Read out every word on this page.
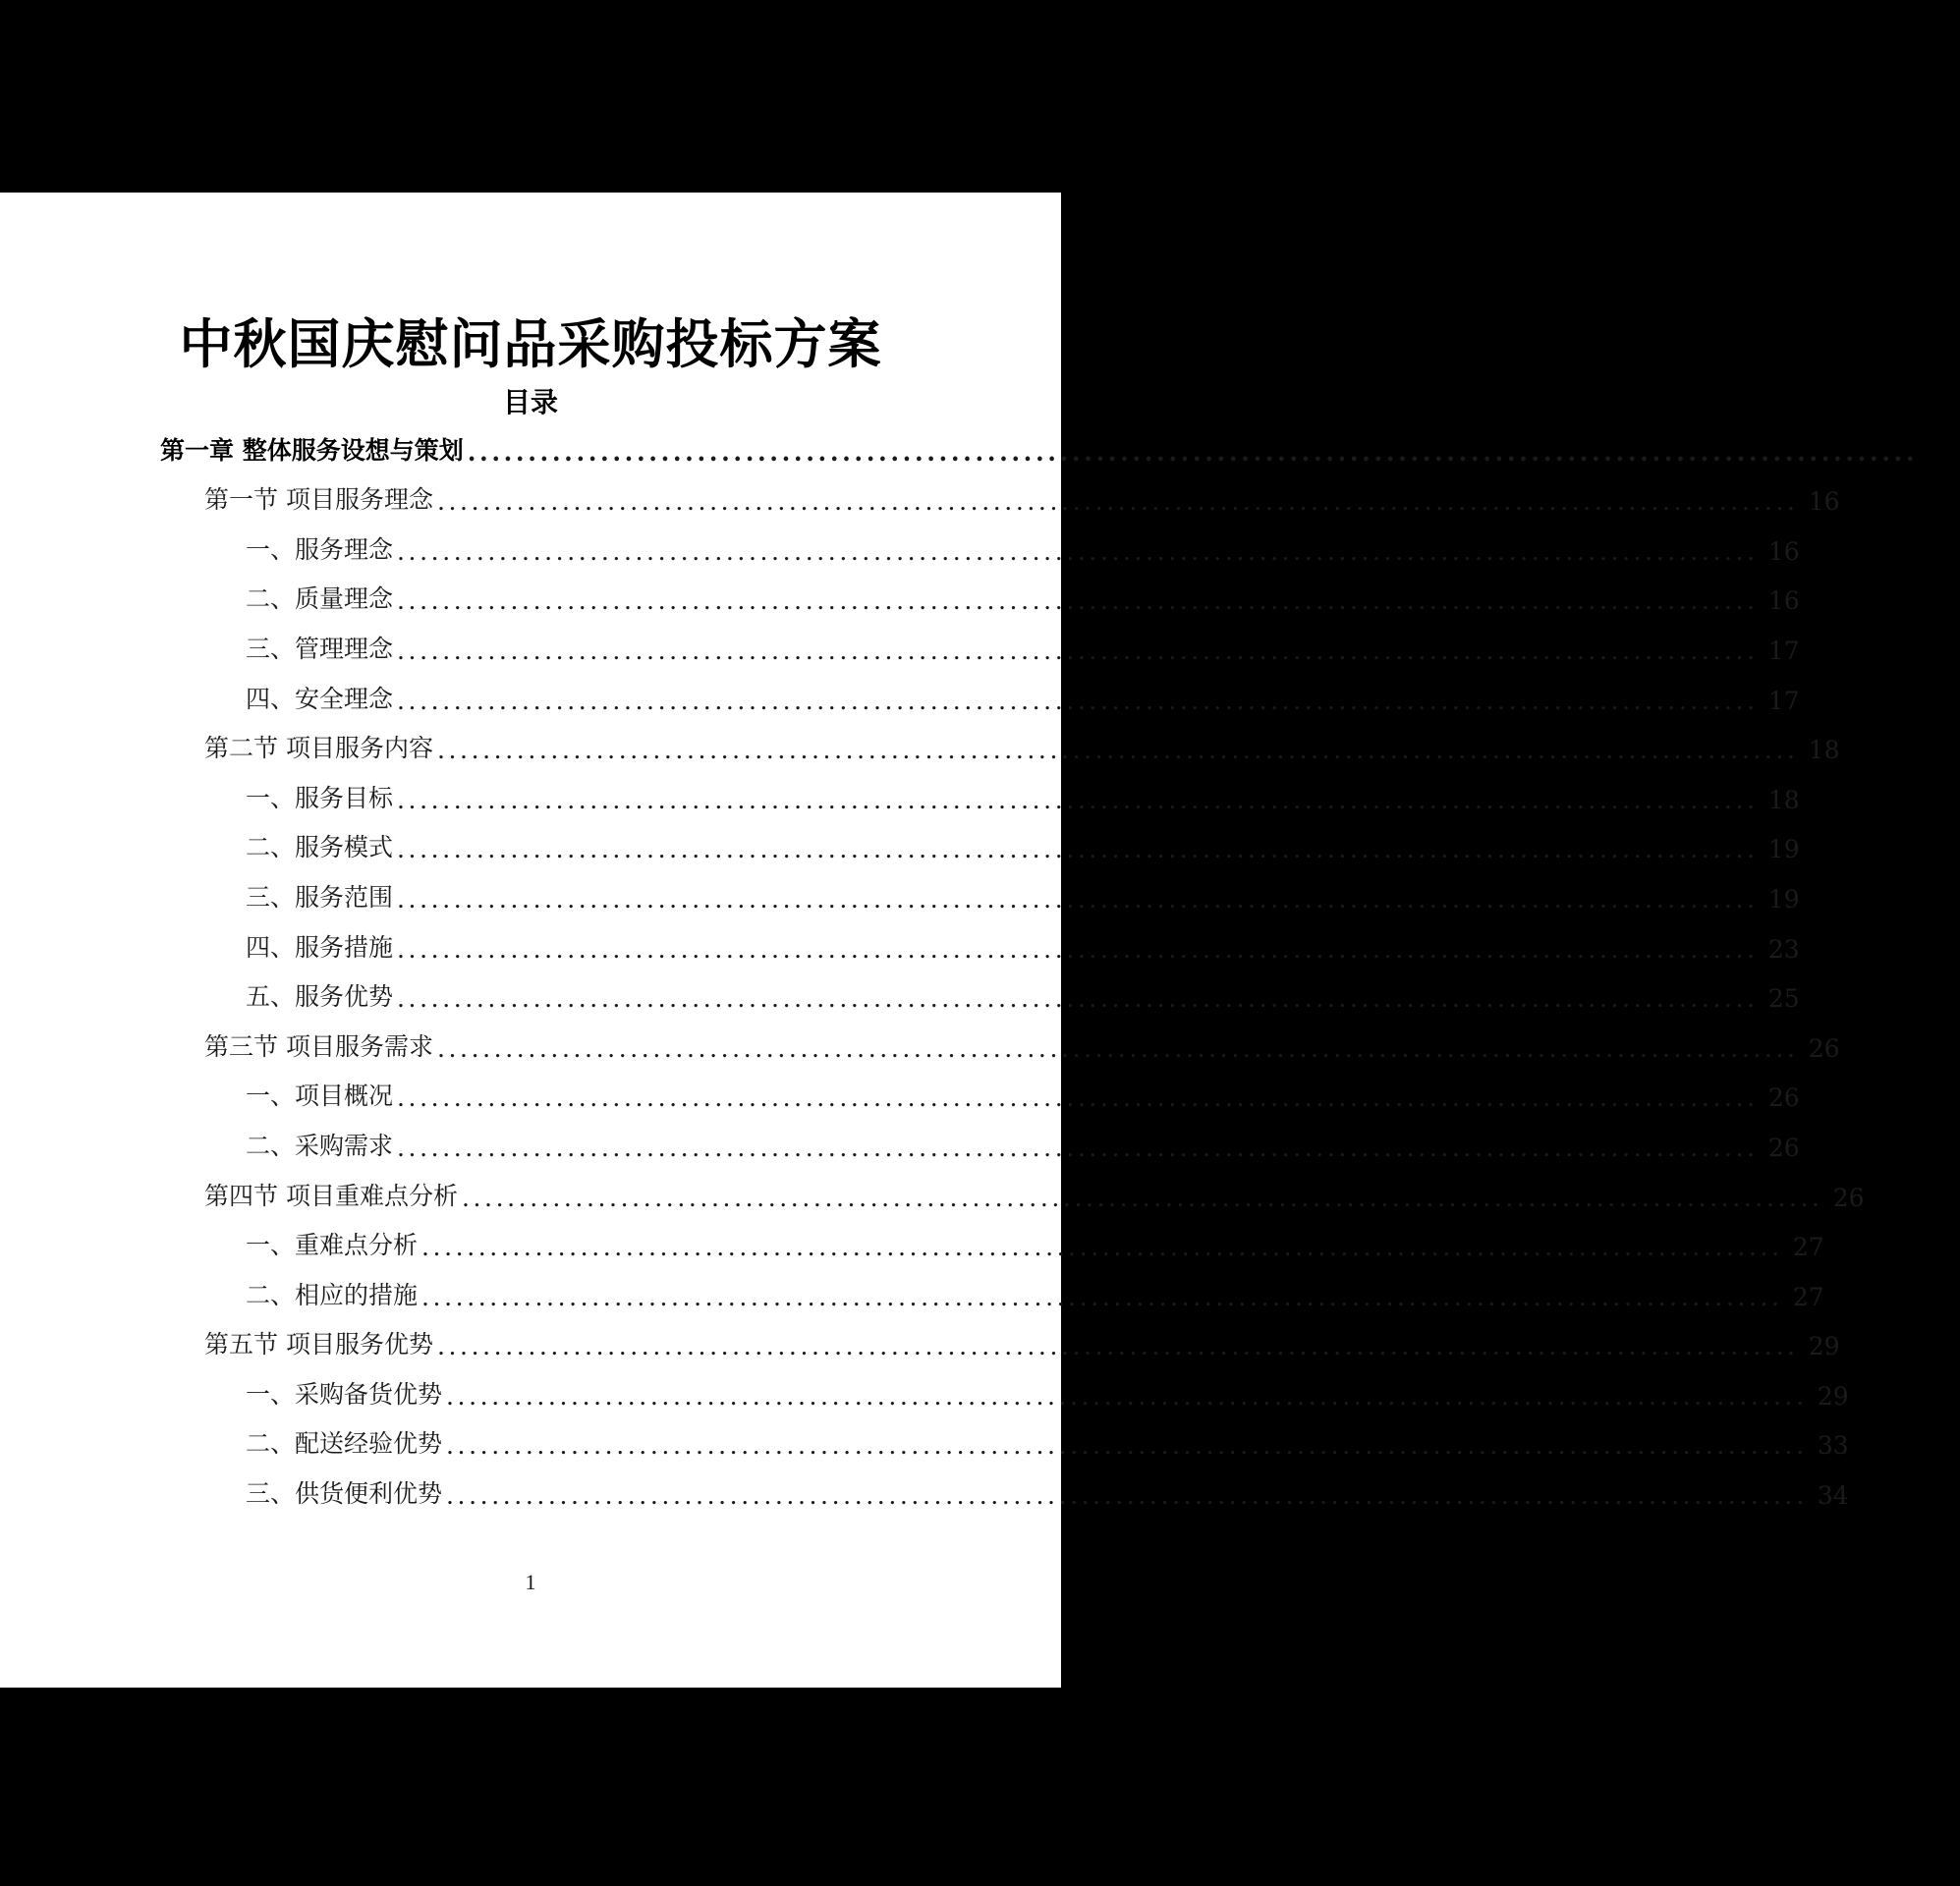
中秋国庆慰问品采购投标方案
目录
第一章 整体服务设想与策划 ........................................................................................................................ 16
第一节 项目服务理念 ........................................................................................................................ 16
一、服务理念 ........................................................................................................................ 16
二、质量理念 ........................................................................................................................ 16
三、管理理念 ........................................................................................................................ 17
四、安全理念 ........................................................................................................................ 17
第二节 项目服务内容 ........................................................................................................................ 18
一、服务目标 ........................................................................................................................ 18
二、服务模式 ........................................................................................................................ 19
三、服务范围 ........................................................................................................................ 19
四、服务措施 ........................................................................................................................ 23
五、服务优势 ........................................................................................................................ 25
第三节 项目服务需求 ........................................................................................................................ 26
一、项目概况 ........................................................................................................................ 26
二、采购需求 ........................................................................................................................ 26
第四节 项目重难点分析 ........................................................................................................................ 26
一、重难点分析 ........................................................................................................................ 27
二、相应的措施 ........................................................................................................................ 27
第五节 项目服务优势 ........................................................................................................................ 29
一、采购备货优势 ........................................................................................................................ 29
二、配送经验优势 ........................................................................................................................ 33
三、供货便利优势 ........................................................................................................................ 34
1
